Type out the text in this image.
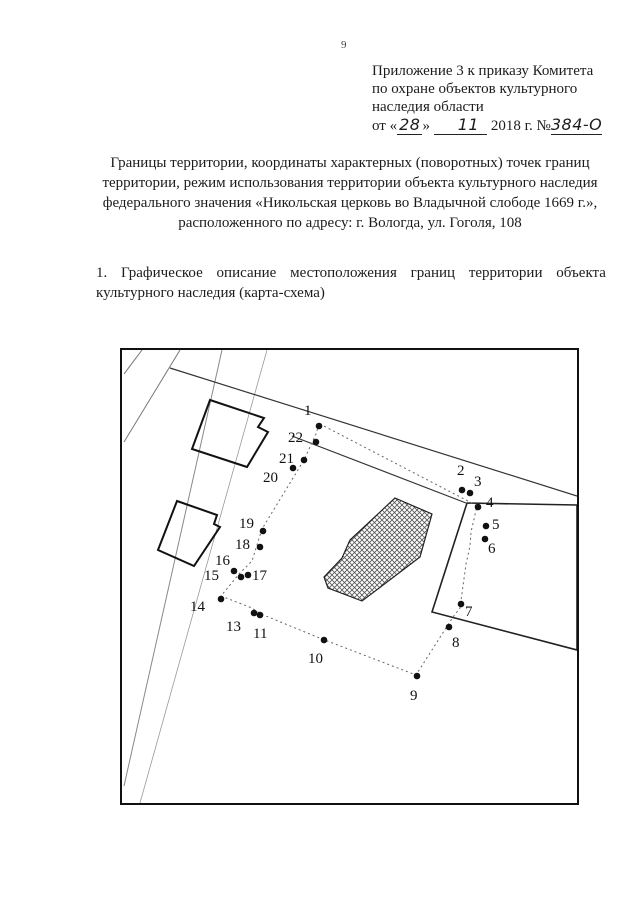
9
Приложение 3 к приказу Комитета
по охране объектов культурного
наследия области
от « 28 » 11 2018 г. №384-О
Границы территории, координаты характерных (поворотных) точек границ
территории, режим использования территории объекта культурного наследия
федерального значения «Никольская церковь во Владычной слободе 1669 г.»,
расположенного по адресу: г. Вологда, ул. Гоголя, 108
1. Графическое описание местоположения границ территории объекта
культурного наследия (карта-схема)
1
2
3
4
5
6
7
8
9
10
11
13
14
15
16
17
18
19
20
21
22
